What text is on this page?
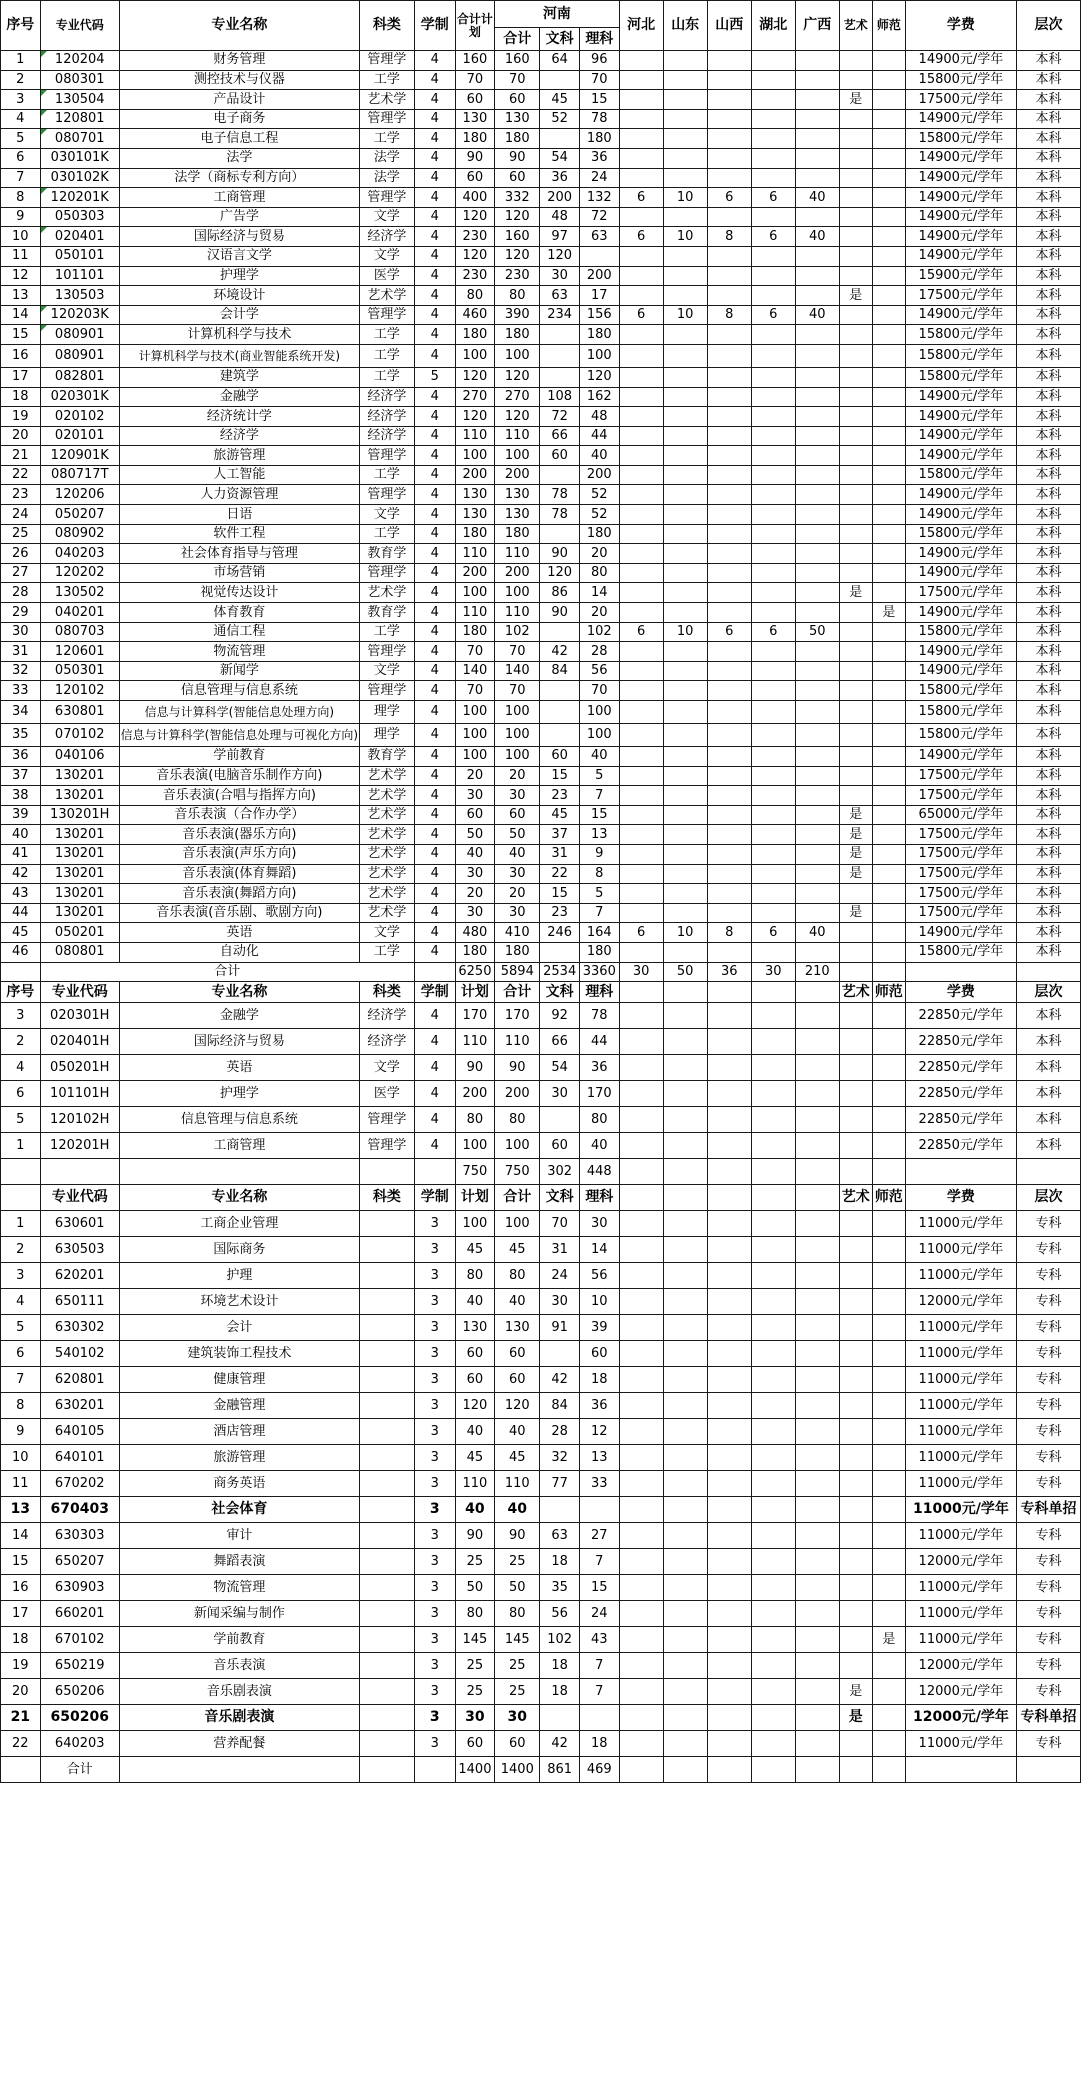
序号	专业代码	专业名称	科类	学制	合计计划	河南			河北	山东	山西	湖北	广西	艺术	师范	学费	层次
						合计	文科	理科									
1	120204	财务管理	管理学	4	160	160	64	96								14900元/学年	本科
2	080301	测控技术与仪器	工学	4	70	70		70								15800元/学年	本科
3	130504	产品设计	艺术学	4	60	60	45	15						是		17500元/学年	本科
4	120801	电子商务	管理学	4	130	130	52	78								14900元/学年	本科
5	080701	电子信息工程	工学	4	180	180		180								15800元/学年	本科
6	030101K	法学	法学	4	90	90	54	36								14900元/学年	本科
7	030102K	法学（商标专利方向）	法学	4	60	60	36	24								14900元/学年	本科
8	120201K	工商管理	管理学	4	400	332	200	132	6	10	6	6	40			14900元/学年	本科
9	050303	广告学	文学	4	120	120	48	72								14900元/学年	本科
10	020401	国际经济与贸易	经济学	4	230	160	97	63	6	10	8	6	40			14900元/学年	本科
11	050101	汉语言文学	文学	4	120	120	120									14900元/学年	本科
12	101101	护理学	医学	4	230	230	30	200								15900元/学年	本科
13	130503	环境设计	艺术学	4	80	80	63	17						是		17500元/学年	本科
14	120203K	会计学	管理学	4	460	390	234	156	6	10	8	6	40			14900元/学年	本科
15	080901	计算机科学与技术	工学	4	180	180		180								15800元/学年	本科
16	080901	计算机科学与技术(商业智能系统开发)	工学	4	100	100		100								15800元/学年	本科
17	082801	建筑学	工学	5	120	120		120								15800元/学年	本科
18	020301K	金融学	经济学	4	270	270	108	162								14900元/学年	本科
19	020102	经济统计学	经济学	4	120	120	72	48								14900元/学年	本科
20	020101	经济学	经济学	4	110	110	66	44								14900元/学年	本科
21	120901K	旅游管理	管理学	4	100	100	60	40								14900元/学年	本科
22	080717T	人工智能	工学	4	200	200		200								15800元/学年	本科
23	120206	人力资源管理	管理学	4	130	130	78	52								14900元/学年	本科
24	050207	日语	文学	4	130	130	78	52								14900元/学年	本科
25	080902	软件工程	工学	4	180	180		180								15800元/学年	本科
26	040203	社会体育指导与管理	教育学	4	110	110	90	20								14900元/学年	本科
27	120202	市场营销	管理学	4	200	200	120	80								14900元/学年	本科
28	130502	视觉传达设计	艺术学	4	100	100	86	14						是		17500元/学年	本科
29	040201	体育教育	教育学	4	110	110	90	20							是	14900元/学年	本科
30	080703	通信工程	工学	4	180	102		102	6	10	6	6	50			15800元/学年	本科
31	120601	物流管理	管理学	4	70	70	42	28								14900元/学年	本科
32	050301	新闻学	文学	4	140	140	84	56								14900元/学年	本科
33	120102	信息管理与信息系统	管理学	4	70	70		70								15800元/学年	本科
34	630801	信息与计算科学(智能信息处理方向)	理学	4	100	100		100								15800元/学年	本科
35	070102	信息与计算科学(智能信息处理与可视化方向)	理学	4	100	100		100								15800元/学年	本科
36	040106	学前教育	教育学	4	100	100	60	40								14900元/学年	本科
37	130201	音乐表演(电脑音乐制作方向)	艺术学	4	20	20	15	5								17500元/学年	本科
38	130201	音乐表演(合唱与指挥方向)	艺术学	4	30	30	23	7								17500元/学年	本科
39	130201H	音乐表演（合作办学）	艺术学	4	60	60	45	15						是		65000元/学年	本科
40	130201	音乐表演(器乐方向)	艺术学	4	50	50	37	13						是		17500元/学年	本科
41	130201	音乐表演(声乐方向)	艺术学	4	40	40	31	9						是		17500元/学年	本科
42	130201	音乐表演(体育舞蹈)	艺术学	4	30	30	22	8						是		17500元/学年	本科
43	130201	音乐表演(舞蹈方向)	艺术学	4	20	20	15	5								17500元/学年	本科
44	130201	音乐表演(音乐剧、歌剧方向)	艺术学	4	30	30	23	7						是		17500元/学年	本科
45	050201	英语	文学	4	480	410	246	164	6	10	8	6	40			14900元/学年	本科
46	080801	自动化	工学	4	180	180		180								15800元/学年	本科
	合计				6250	5894	2534	3360	30	50	36	30	210				
序号	专业代码	专业名称	科类	学制	计划	合计	文科	理科						艺术	师范	学费	层次
3	020301H	金融学	经济学	4	170	170	92	78								22850元/学年	本科
2	020401H	国际经济与贸易	经济学	4	110	110	66	44								22850元/学年	本科
4	050201H	英语	文学	4	90	90	54	36								22850元/学年	本科
6	101101H	护理学	医学	4	200	200	30	170								22850元/学年	本科
5	120102H	信息管理与信息系统	管理学	4	80	80		80								22850元/学年	本科
1	120201H	工商管理	管理学	4	100	100	60	40								22850元/学年	本科
					750	750	302	448									
	专业代码	专业名称	科类	学制	计划	合计	文科	理科						艺术	师范	学费	层次
1	630601	工商企业管理		3	100	100	70	30								11000元/学年	专科
2	630503	国际商务		3	45	45	31	14								11000元/学年	专科
3	620201	护理		3	80	80	24	56								11000元/学年	专科
4	650111	环境艺术设计		3	40	40	30	10								12000元/学年	专科
5	630302	会计		3	130	130	91	39								11000元/学年	专科
6	540102	建筑装饰工程技术		3	60	60		60								11000元/学年	专科
7	620801	健康管理		3	60	60	42	18								11000元/学年	专科
8	630201	金融管理		3	120	120	84	36								11000元/学年	专科
9	640105	酒店管理		3	40	40	28	12								11000元/学年	专科
10	640101	旅游管理		3	45	45	32	13								11000元/学年	专科
11	670202	商务英语		3	110	110	77	33								11000元/学年	专科
13	670403	社会体育		3	40	40										11000元/学年	专科单招
14	630303	审计		3	90	90	63	27								11000元/学年	专科
15	650207	舞蹈表演		3	25	25	18	7								12000元/学年	专科
16	630903	物流管理		3	50	50	35	15								11000元/学年	专科
17	660201	新闻采编与制作		3	80	80	56	24								11000元/学年	专科
18	670102	学前教育		3	145	145	102	43							是	11000元/学年	专科
19	650219	音乐表演		3	25	25	18	7								12000元/学年	专科
20	650206	音乐剧表演		3	25	25	18	7						是		12000元/学年	专科
21	650206	音乐剧表演		3	30	30								是		12000元/学年	专科单招
22	640203	营养配餐		3	60	60	42	18								11000元/学年	专科
	合计				1400	1400	861	469									
